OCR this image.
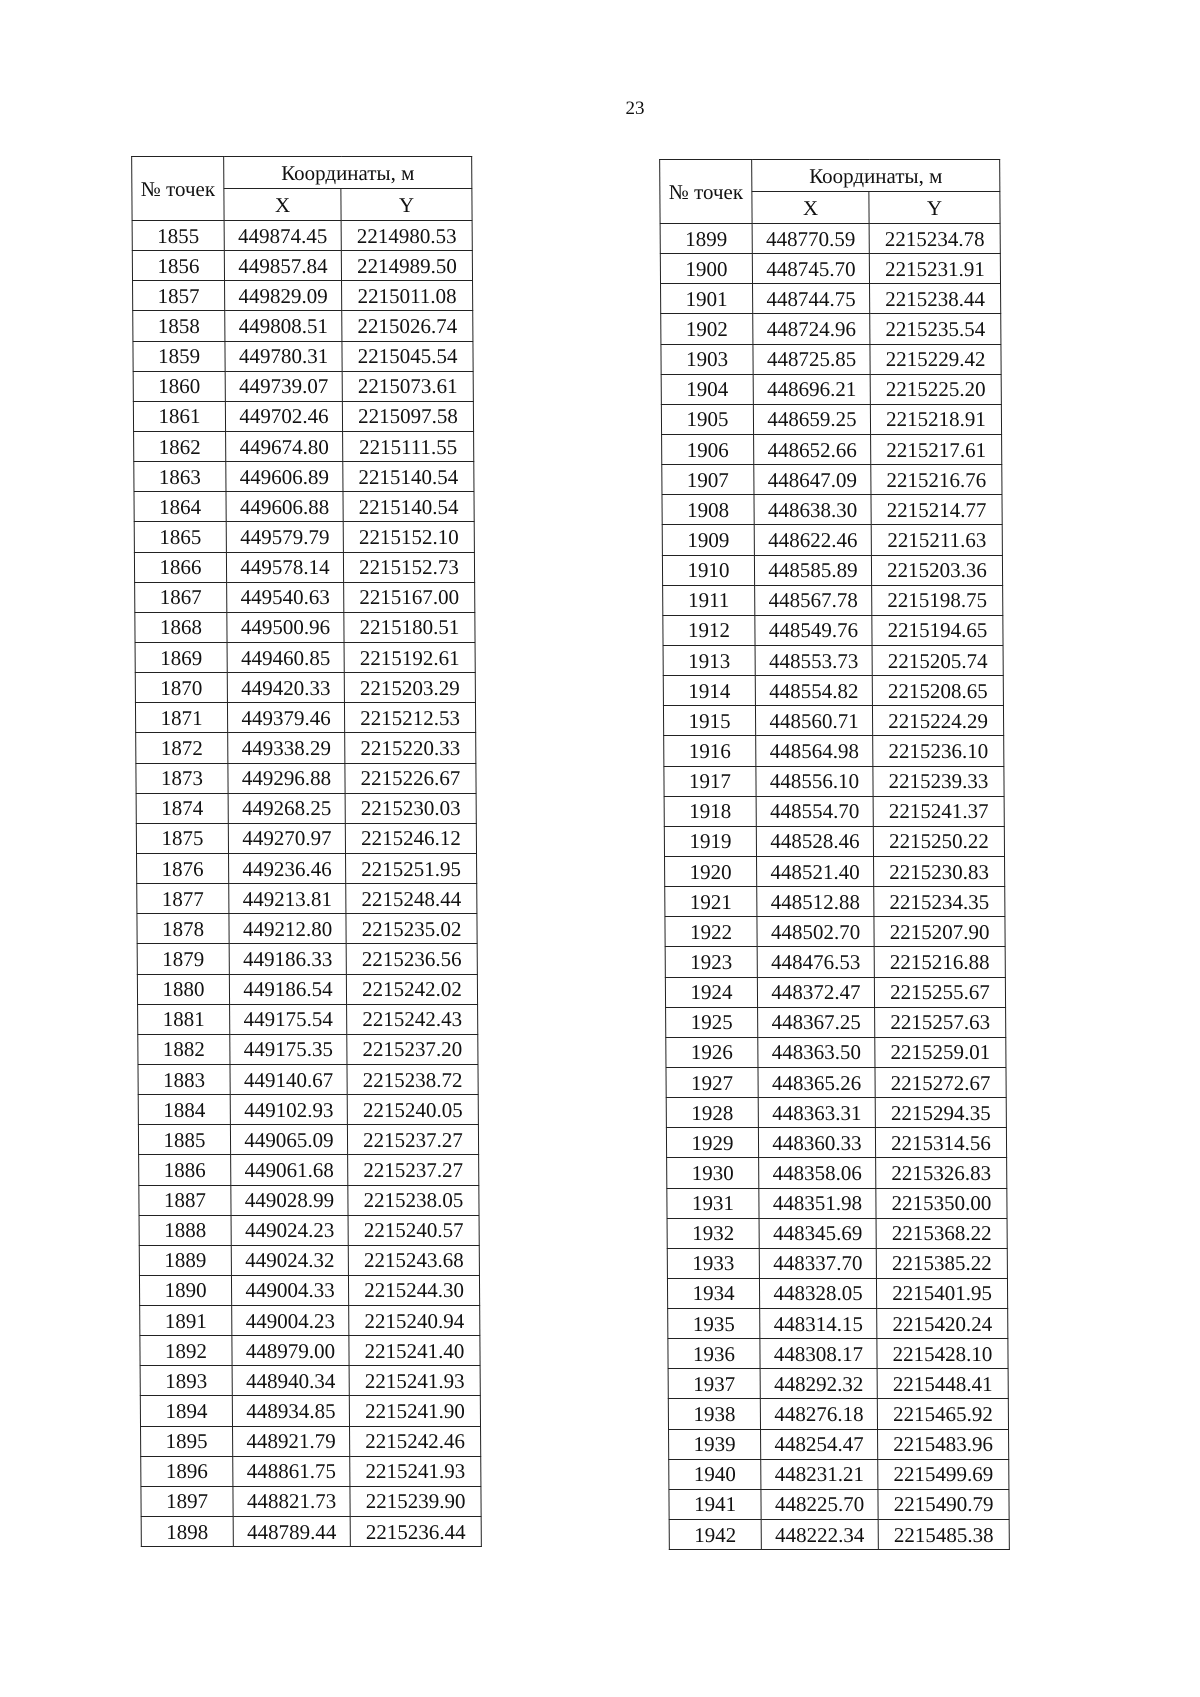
23
№ точек	Координаты, м	
	X	Y
1855	449874.45	2214980.53
1856	449857.84	2214989.50
1857	449829.09	2215011.08
1858	449808.51	2215026.74
1859	449780.31	2215045.54
1860	449739.07	2215073.61
1861	449702.46	2215097.58
1862	449674.80	2215111.55
1863	449606.89	2215140.54
1864	449606.88	2215140.54
1865	449579.79	2215152.10
1866	449578.14	2215152.73
1867	449540.63	2215167.00
1868	449500.96	2215180.51
1869	449460.85	2215192.61
1870	449420.33	2215203.29
1871	449379.46	2215212.53
1872	449338.29	2215220.33
1873	449296.88	2215226.67
1874	449268.25	2215230.03
1875	449270.97	2215246.12
1876	449236.46	2215251.95
1877	449213.81	2215248.44
1878	449212.80	2215235.02
1879	449186.33	2215236.56
1880	449186.54	2215242.02
1881	449175.54	2215242.43
1882	449175.35	2215237.20
1883	449140.67	2215238.72
1884	449102.93	2215240.05
1885	449065.09	2215237.27
1886	449061.68	2215237.27
1887	449028.99	2215238.05
1888	449024.23	2215240.57
1889	449024.32	2215243.68
1890	449004.33	2215244.30
1891	449004.23	2215240.94
1892	448979.00	2215241.40
1893	448940.34	2215241.93
1894	448934.85	2215241.90
1895	448921.79	2215242.46
1896	448861.75	2215241.93
1897	448821.73	2215239.90
1898	448789.44	2215236.44
№ точек	Координаты, м	
	X	Y
1899	448770.59	2215234.78
1900	448745.70	2215231.91
1901	448744.75	2215238.44
1902	448724.96	2215235.54
1903	448725.85	2215229.42
1904	448696.21	2215225.20
1905	448659.25	2215218.91
1906	448652.66	2215217.61
1907	448647.09	2215216.76
1908	448638.30	2215214.77
1909	448622.46	2215211.63
1910	448585.89	2215203.36
1911	448567.78	2215198.75
1912	448549.76	2215194.65
1913	448553.73	2215205.74
1914	448554.82	2215208.65
1915	448560.71	2215224.29
1916	448564.98	2215236.10
1917	448556.10	2215239.33
1918	448554.70	2215241.37
1919	448528.46	2215250.22
1920	448521.40	2215230.83
1921	448512.88	2215234.35
1922	448502.70	2215207.90
1923	448476.53	2215216.88
1924	448372.47	2215255.67
1925	448367.25	2215257.63
1926	448363.50	2215259.01
1927	448365.26	2215272.67
1928	448363.31	2215294.35
1929	448360.33	2215314.56
1930	448358.06	2215326.83
1931	448351.98	2215350.00
1932	448345.69	2215368.22
1933	448337.70	2215385.22
1934	448328.05	2215401.95
1935	448314.15	2215420.24
1936	448308.17	2215428.10
1937	448292.32	2215448.41
1938	448276.18	2215465.92
1939	448254.47	2215483.96
1940	448231.21	2215499.69
1941	448225.70	2215490.79
1942	448222.34	2215485.38
